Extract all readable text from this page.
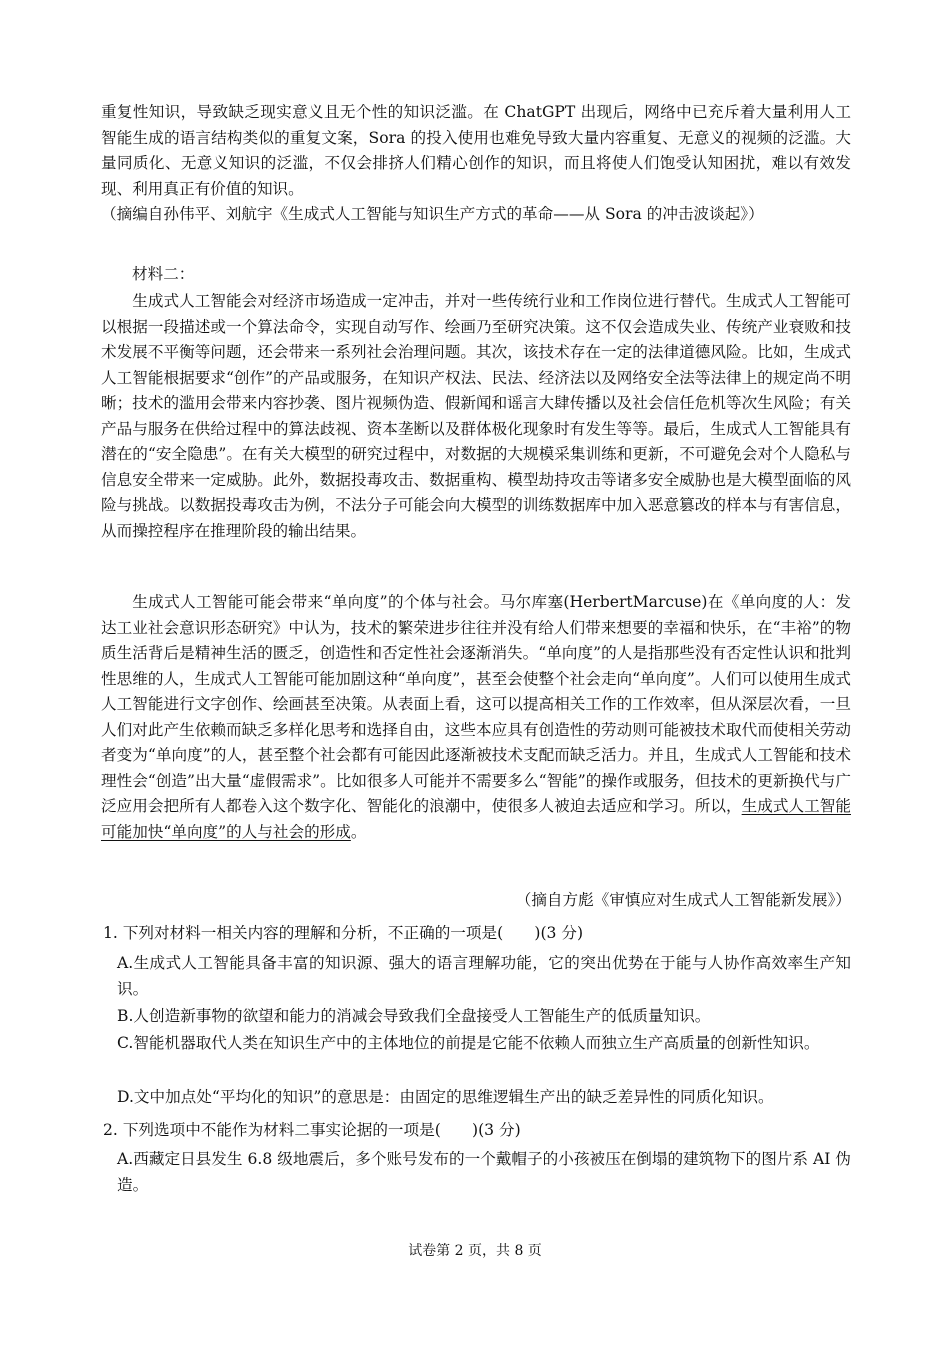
重复性知识，导致缺乏现实意义且无个性的知识泛滥。在 ChatGPT 出现后，网络中已充斥着大量利用人工智能生成的语言结构类似的重复文案，Sora 的投入使用也难免导致大量内容重复、无意义的视频的泛滥。大量同质化、无意义知识的泛滥，不仅会排挤人们精心创作的知识，而且将使人们饱受认知困扰，难以有效发现、利用真正有价值的知识。

（摘编自孙伟平、刘航宇《生成式人工智能与知识生产方式的革命——从 Sora 的冲击波谈起》）

材料二：

生成式人工智能会对经济市场造成一定冲击，并对一些传统行业和工作岗位进行替代。生成式人工智能可以根据一段描述或一个算法命令，实现自动写作、绘画乃至研究决策。这不仅会造成失业、传统产业衰败和技术发展不平衡等问题，还会带来一系列社会治理问题。其次，该技术存在一定的法律道德风险。比如，生成式人工智能根据要求“创作”的产品或服务，在知识产权法、民法、经济法以及网络安全法等法律上的规定尚不明晰；技术的滥用会带来内容抄袭、图片视频伪造、假新闻和谣言大肆传播以及社会信任危机等次生风险；有关产品与服务在供给过程中的算法歧视、资本垄断以及群体极化现象时有发生等等。最后，生成式人工智能具有潜在的“安全隐患”。在有关大模型的研究过程中，对数据的大规模采集训练和更新，不可避免会对个人隐私与信息安全带来一定威胁。此外，数据投毒攻击、数据重构、模型劫持攻击等诸多安全威胁也是大模型面临的风险与挑战。以数据投毒攻击为例，不法分子可能会向大模型的训练数据库中加入恶意篡改的样本与有害信息，从而操控程序在推理阶段的输出结果。

生成式人工智能可能会带来“单向度”的个体与社会。马尔库塞(HerbertMarcuse)在《单向度的人：发达工业社会意识形态研究》中认为，技术的繁荣进步往往并没有给人们带来想要的幸福和快乐，在“丰裕”的物质生活背后是精神生活的匮乏，创造性和否定性社会逐渐消失。“单向度”的人是指那些没有否定性认识和批判性思维的人，生成式人工智能可能加剧这种“单向度”，甚至会使整个社会走向“单向度”。人们可以使用生成式人工智能进行文字创作、绘画甚至决策。从表面上看，这可以提高相关工作的工作效率，但从深层次看，一旦人们对此产生依赖而缺乏多样化思考和选择自由，这些本应具有创造性的劳动则可能被技术取代而使相关劳动者变为“单向度”的人，甚至整个社会都有可能因此逐渐被技术支配而缺乏活力。并且，生成式人工智能和技术理性会“创造”出大量“虚假需求”。比如很多人可能并不需要多么“智能”的操作或服务，但技术的更新换代与广泛应用会把所有人都卷入这个数字化、智能化的浪潮中，使很多人被迫去适应和学习。所以，生成式人工智能可能加快“单向度”的人与社会的形成。

（摘自方彪《审慎应对生成式人工智能新发展》）

1. 下列对材料一相关内容的理解和分析，不正确的一项是(　　)(3 分)

A.生成式人工智能具备丰富的知识源、强大的语言理解功能，它的突出优势在于能与人协作高效率生产知识。

B.人创造新事物的欲望和能力的消减会导致我们全盘接受人工智能生产的低质量知识。

C.智能机器取代人类在知识生产中的主体地位的前提是它能不依赖人而独立生产高质量的创新性知识。

D.文中加点处“平均化的知识”的意思是：由固定的思维逻辑生产出的缺乏差异性的同质化知识。

2. 下列选项中不能作为材料二事实论据的一项是(　　)(3 分)

A.西藏定日县发生 6.8 级地震后，多个账号发布的一个戴帽子的小孩被压在倒塌的建筑物下的图片系 AI 伪造。

试卷第 2 页，共 8 页
